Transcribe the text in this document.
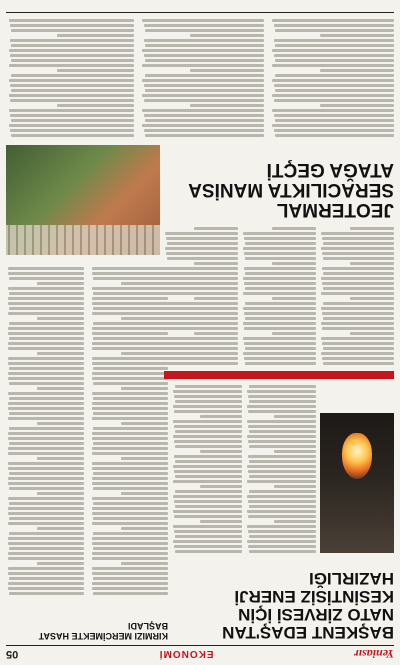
Yeniasır
EKONOMİ
05
BAŞKENT EDAŞ'TAN NATO ZİRVESİ İÇİN KESİNTİSİZ ENERJİ HAZIRLIĞI
KIRMIZI MERCİMEKTE HASAT BAŞLADI
JEOTERMAL SERACILIKTA MANİSA ATAĞA GEÇTİ
